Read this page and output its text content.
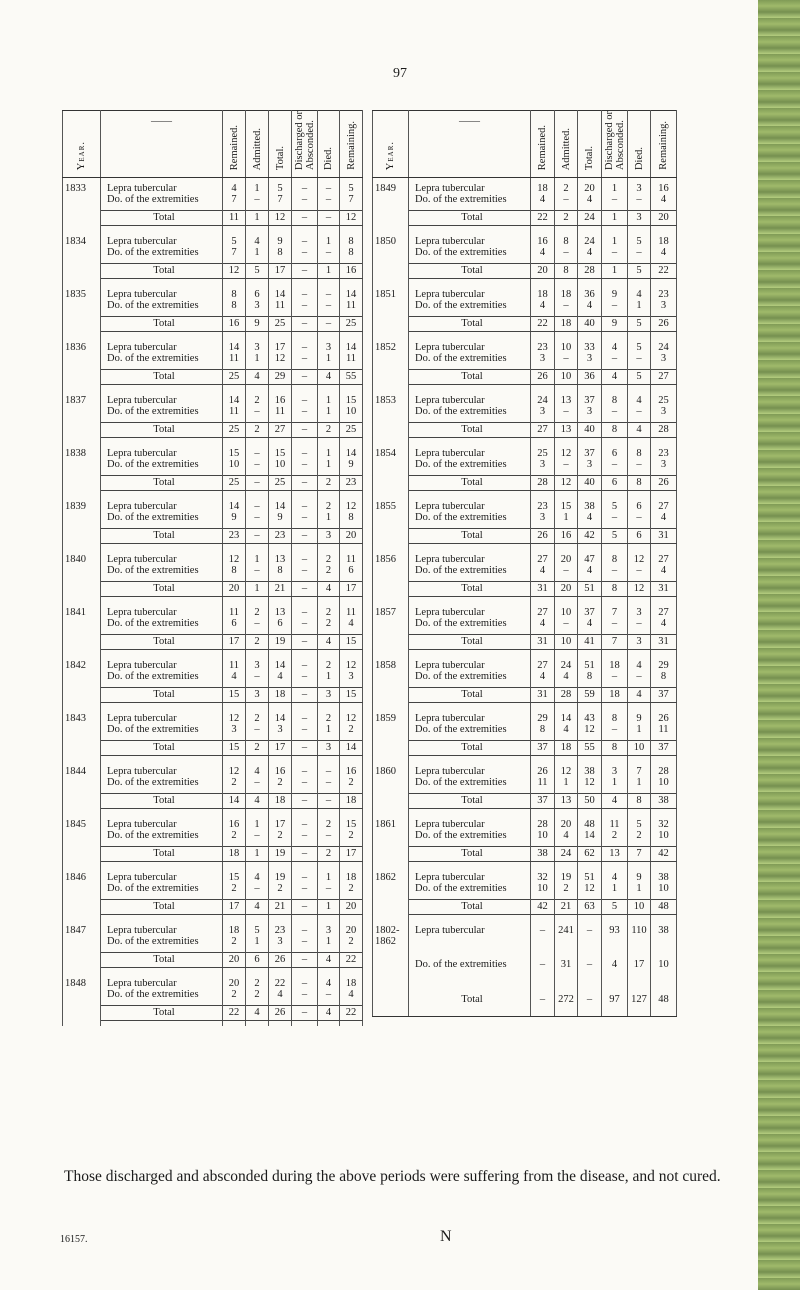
97
Year.	——	Remained.	Admitted.	Total.	Discharged or
Absconded.	Died.	Remaining.

1833	Lepra tubercular	4	1	5	–	–	5
	Do. of the extremities	7	–	7	–	–	7

	Total	11	1	12	–	–	12

1834	Lepra tubercular	5	4	9	–	1	8
	Do. of the extremities	7	1	8	–	–	8

	Total	12	5	17	–	1	16

1835	Lepra tubercular	8	6	14	–	–	14
	Do. of the extremities	8	3	11	–	–	11

	Total	16	9	25	–	–	25

1836	Lepra tubercular	14	3	17	–	3	14
	Do. of the extremities	11	1	12	–	1	11

	Total	25	4	29	–	4	55

1837	Lepra tubercular	14	2	16	–	1	15
	Do. of the extremities	11	–	11	–	1	10

	Total	25	2	27	–	2	25

1838	Lepra tubercular	15	–	15	–	1	14
	Do. of the extremities	10	–	10	–	1	9

	Total	25	–	25	–	2	23

1839	Lepra tubercular	14	–	14	–	2	12
	Do. of the extremities	9	–	9	–	1	8

	Total	23	–	23	–	3	20

1840	Lepra tubercular	12	1	13	–	2	11
	Do. of the extremities	8	–	8	–	2	6

	Total	20	1	21	–	4	17

1841	Lepra tubercular	11	2	13	–	2	11
	Do. of the extremities	6	–	6	–	2	4

	Total	17	2	19	–	4	15

1842	Lepra tubercular	11	3	14	–	2	12
	Do. of the extremities	4	–	4	–	1	3

	Total	15	3	18	–	3	15

1843	Lepra tubercular	12	2	14	–	2	12
	Do. of the extremities	3	–	3	–	1	2

	Total	15	2	17	–	3	14

1844	Lepra tubercular	12	4	16	–	–	16
	Do. of the extremities	2	–	2	–	–	2

	Total	14	4	18	–	–	18

1845	Lepra tubercular	16	1	17	–	2	15
	Do. of the extremities	2	–	2	–	–	2

	Total	18	1	19	–	2	17

1846	Lepra tubercular	15	4	19	–	1	18
	Do. of the extremities	2	–	2	–	–	2

	Total	17	4	21	–	1	20

1847	Lepra tubercular	18	5	23	–	3	20
	Do. of the extremities	2	1	3	–	1	2

	Total	20	6	26	–	4	22

1848	Lepra tubercular	20	2	22	–	4	18
	Do. of the extremities	2	2	4	–	–	4

	Total	22	4	26	–	4	22

Year.	——	Remained.	Admitted.	Total.	Discharged or
Absconded.	Died.	Remaining.

1849	Lepra tubercular	18	2	20	1	3	16
	Do. of the extremities	4	–	4	–	–	4

	Total	22	2	24	1	3	20

1850	Lepra tubercular	16	8	24	1	5	18
	Do. of the extremities	4	–	4	–	–	4

	Total	20	8	28	1	5	22

1851	Lepra tubercular	18	18	36	9	4	23
	Do. of the extremities	4	–	4	–	1	3

	Total	22	18	40	9	5	26

1852	Lepra tubercular	23	10	33	4	5	24
	Do. of the extremities	3	–	3	–	–	3

	Total	26	10	36	4	5	27

1853	Lepra tubercular	24	13	37	8	4	25
	Do. of the extremities	3	–	3	–	–	3

	Total	27	13	40	8	4	28

1854	Lepra tubercular	25	12	37	6	8	23
	Do. of the extremities	3	–	3	–	–	3

	Total	28	12	40	6	8	26

1855	Lepra tubercular	23	15	38	5	6	27
	Do. of the extremities	3	1	4	–	–	4

	Total	26	16	42	5	6	31

1856	Lepra tubercular	27	20	47	8	12	27
	Do. of the extremities	4	–	4	–	–	4

	Total	31	20	51	8	12	31

1857	Lepra tubercular	27	10	37	7	3	27
	Do. of the extremities	4	–	4	–	–	4

	Total	31	10	41	7	3	31

1858	Lepra tubercular	27	24	51	18	4	29
	Do. of the extremities	4	4	8	–	–	8

	Total	31	28	59	18	4	37

1859	Lepra tubercular	29	14	43	8	9	26
	Do. of the extremities	8	4	12	–	1	11

	Total	37	18	55	8	10	37

1860	Lepra tubercular	26	12	38	3	7	28
	Do. of the extremities	11	1	12	1	1	10

	Total	37	13	50	4	8	38

1861	Lepra tubercular	28	20	48	11	5	32
	Do. of the extremities	10	4	14	2	2	10

	Total	38	24	62	13	7	42

1862	Lepra tubercular	32	19	51	4	9	38
	Do. of the extremities	10	2	12	1	1	10

	Total	42	21	63	5	10	48

1802-
1862	Lepra tubercular	–	241	–	93	110	38

	Do. of the extremities	–	31	–	4	17	10

	Total	–	272	–	97	127	48
Those discharged and absconded during the above periods were suffering from the disease, and not cured.
16157.	N
